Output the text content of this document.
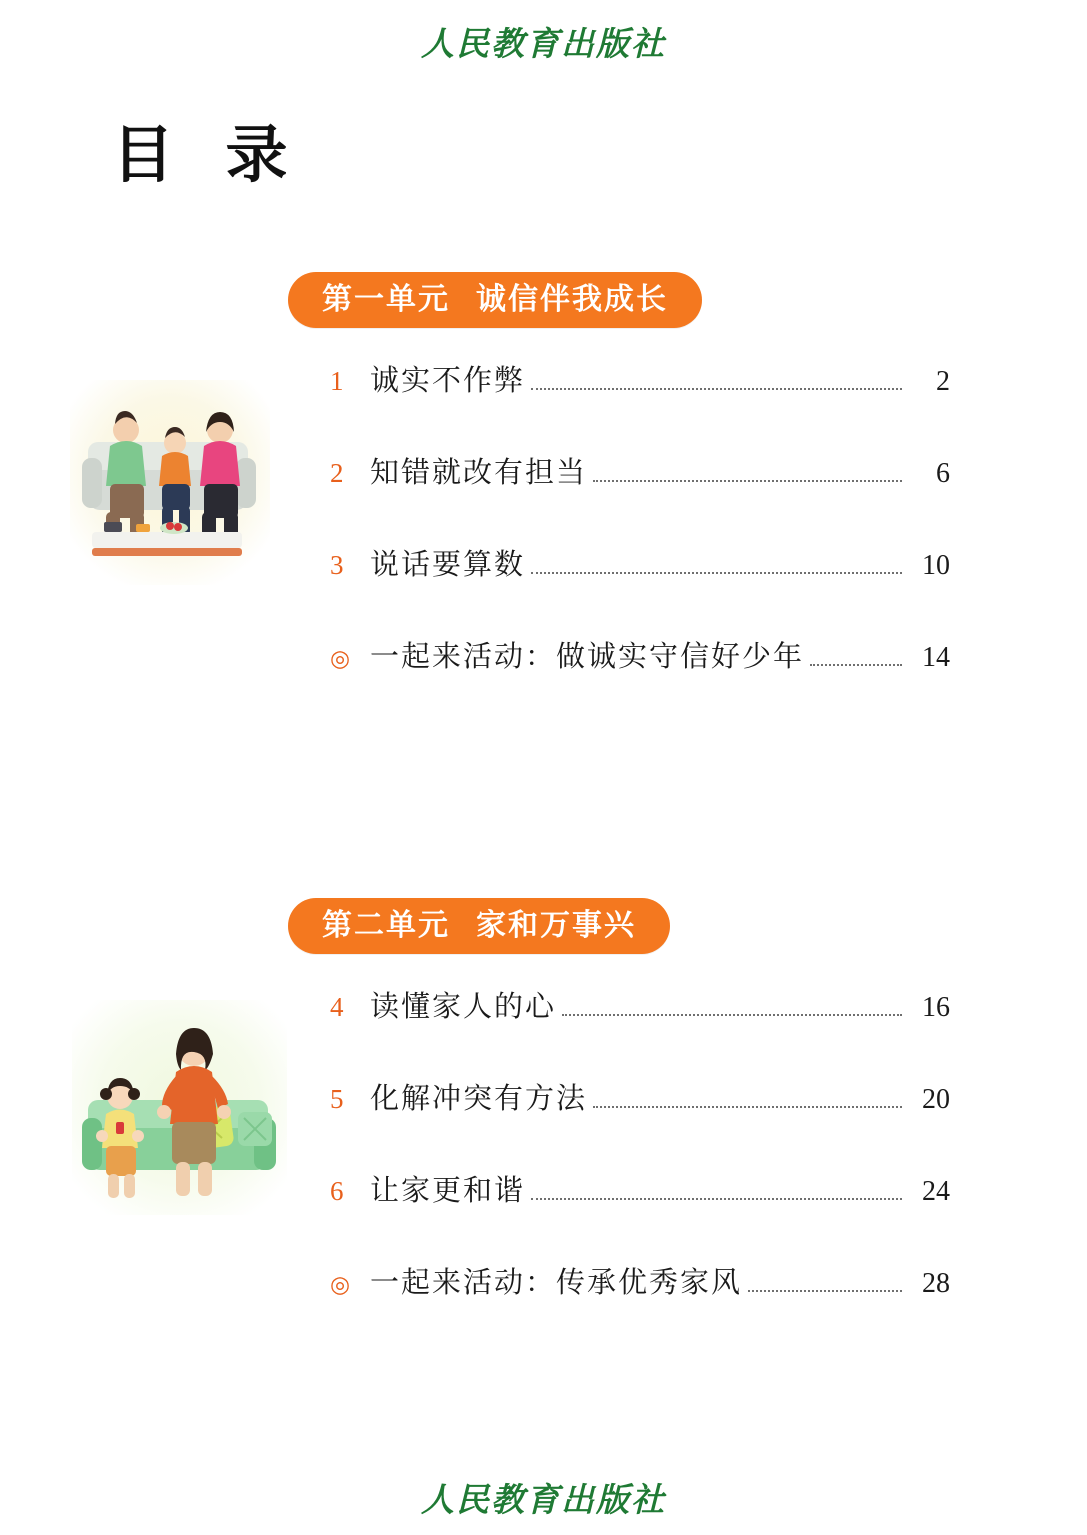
人民教育出版社
目 录
第一单元 诚信伴我成长
1 诚实不作弊	2
2 知错就改有担当	6
3 说话要算数	10
◎ 一起来活动：做诚实守信好少年	14
第二单元 家和万事兴
4 读懂家人的心	16
5 化解冲突有方法	20
6 让家更和谐	24
◎ 一起来活动：传承优秀家风	28
人民教育出版社
